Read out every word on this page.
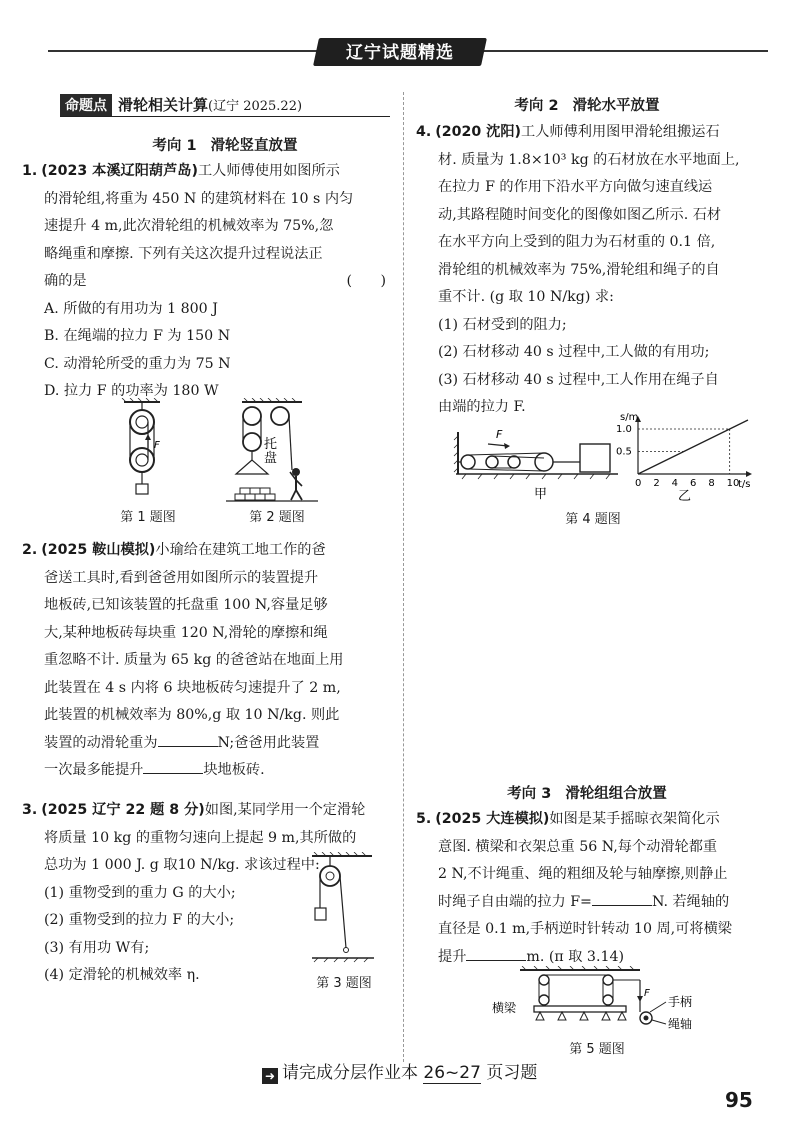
辽宁试题精选
命题点 滑轮相关计算(辽宁 2025.22)
考向 1 滑轮竖直放置
1. (2023 本溪辽阳葫芦岛)工人师傅使用如图所示
的滑轮组,将重为 450 N 的建筑材料在 10 s 内匀
速提升 4 m,此次滑轮组的机械效率为 75%,忽
略绳重和摩擦. 下列有关这次提升过程说法正
确的是	(　　)
A. 所做的有用功为 1 800 J
B. 在绳端的拉力 F 为 150 N
C. 动滑轮所受的重力为 75 N
D. 拉力 F 的功率为 180 W
F
第 1 题图
托
盘
第 2 题图
2. (2025 鞍山模拟)小瑜给在建筑工地工作的爸
爸送工具时,看到爸爸用如图所示的装置提升
地板砖,已知该装置的托盘重 100 N,容量足够
大,某种地板砖每块重 120 N,滑轮的摩擦和绳
重忽略不计. 质量为 65 kg 的爸爸站在地面上用
此装置在 4 s 内将 6 块地板砖匀速提升了 2 m,
此装置的机械效率为 80%,g 取 10 N/kg. 则此
装置的动滑轮重为	N;爸爸用此装置
一次最多能提升	块地板砖.
3. (2025 辽宁 22 题 8 分)如图,某同学用一个定滑轮
将质量 10 kg 的重物匀速向上提起 9 m,其所做的
总功为 1 000 J. g 取10 N/kg. 求该过程中:
(1) 重物受到的重力 G 的大小;
(2) 重物受到的拉力 F 的大小;
(3) 有用功 W有;
(4) 定滑轮的机械效率 η.
第 3 题图
考向 2 滑轮水平放置
4. (2020 沈阳)工人师傅利用图甲滑轮组搬运石
材. 质量为 1.8×10³ kg 的石材放在水平地面上,
在拉力 F 的作用下沿水平方向做匀速直线运
动,其路程随时间变化的图像如图乙所示. 石材
在水平方向上受到的阻力为石材重的 0.1 倍,
滑轮组的机械效率为 75%,滑轮组和绳子的自
重不计. (g 取 10 N/kg) 求:
(1) 石材受到的阻力;
(2) 石材移动 40 s 过程中,工人做的有用功;
(3) 石材移动 40 s 过程中,工人作用在绳子自
由端的拉力 F.
F
甲
s/m
t/s
0 2 4 6 8 10
0.5
1.0
乙
第 4 题图
考向 3 滑轮组组合放置
5. (2025 大连模拟)如图是某手摇晾衣架简化示
意图. 横梁和衣架总重 56 N,每个动滑轮都重
2 N,不计绳重、绳的粗细及轮与轴摩擦,则静止
时绳子自由端的拉力 F=	N. 若绳轴的
直径是 0.1 m,手柄逆时针转动 10 周,可将横梁
提升	m. (π 取 3.14)
F
横梁	手柄
绳轴
第 5 题图
➜ 请完成分层作业本 26~27 页习题
95
